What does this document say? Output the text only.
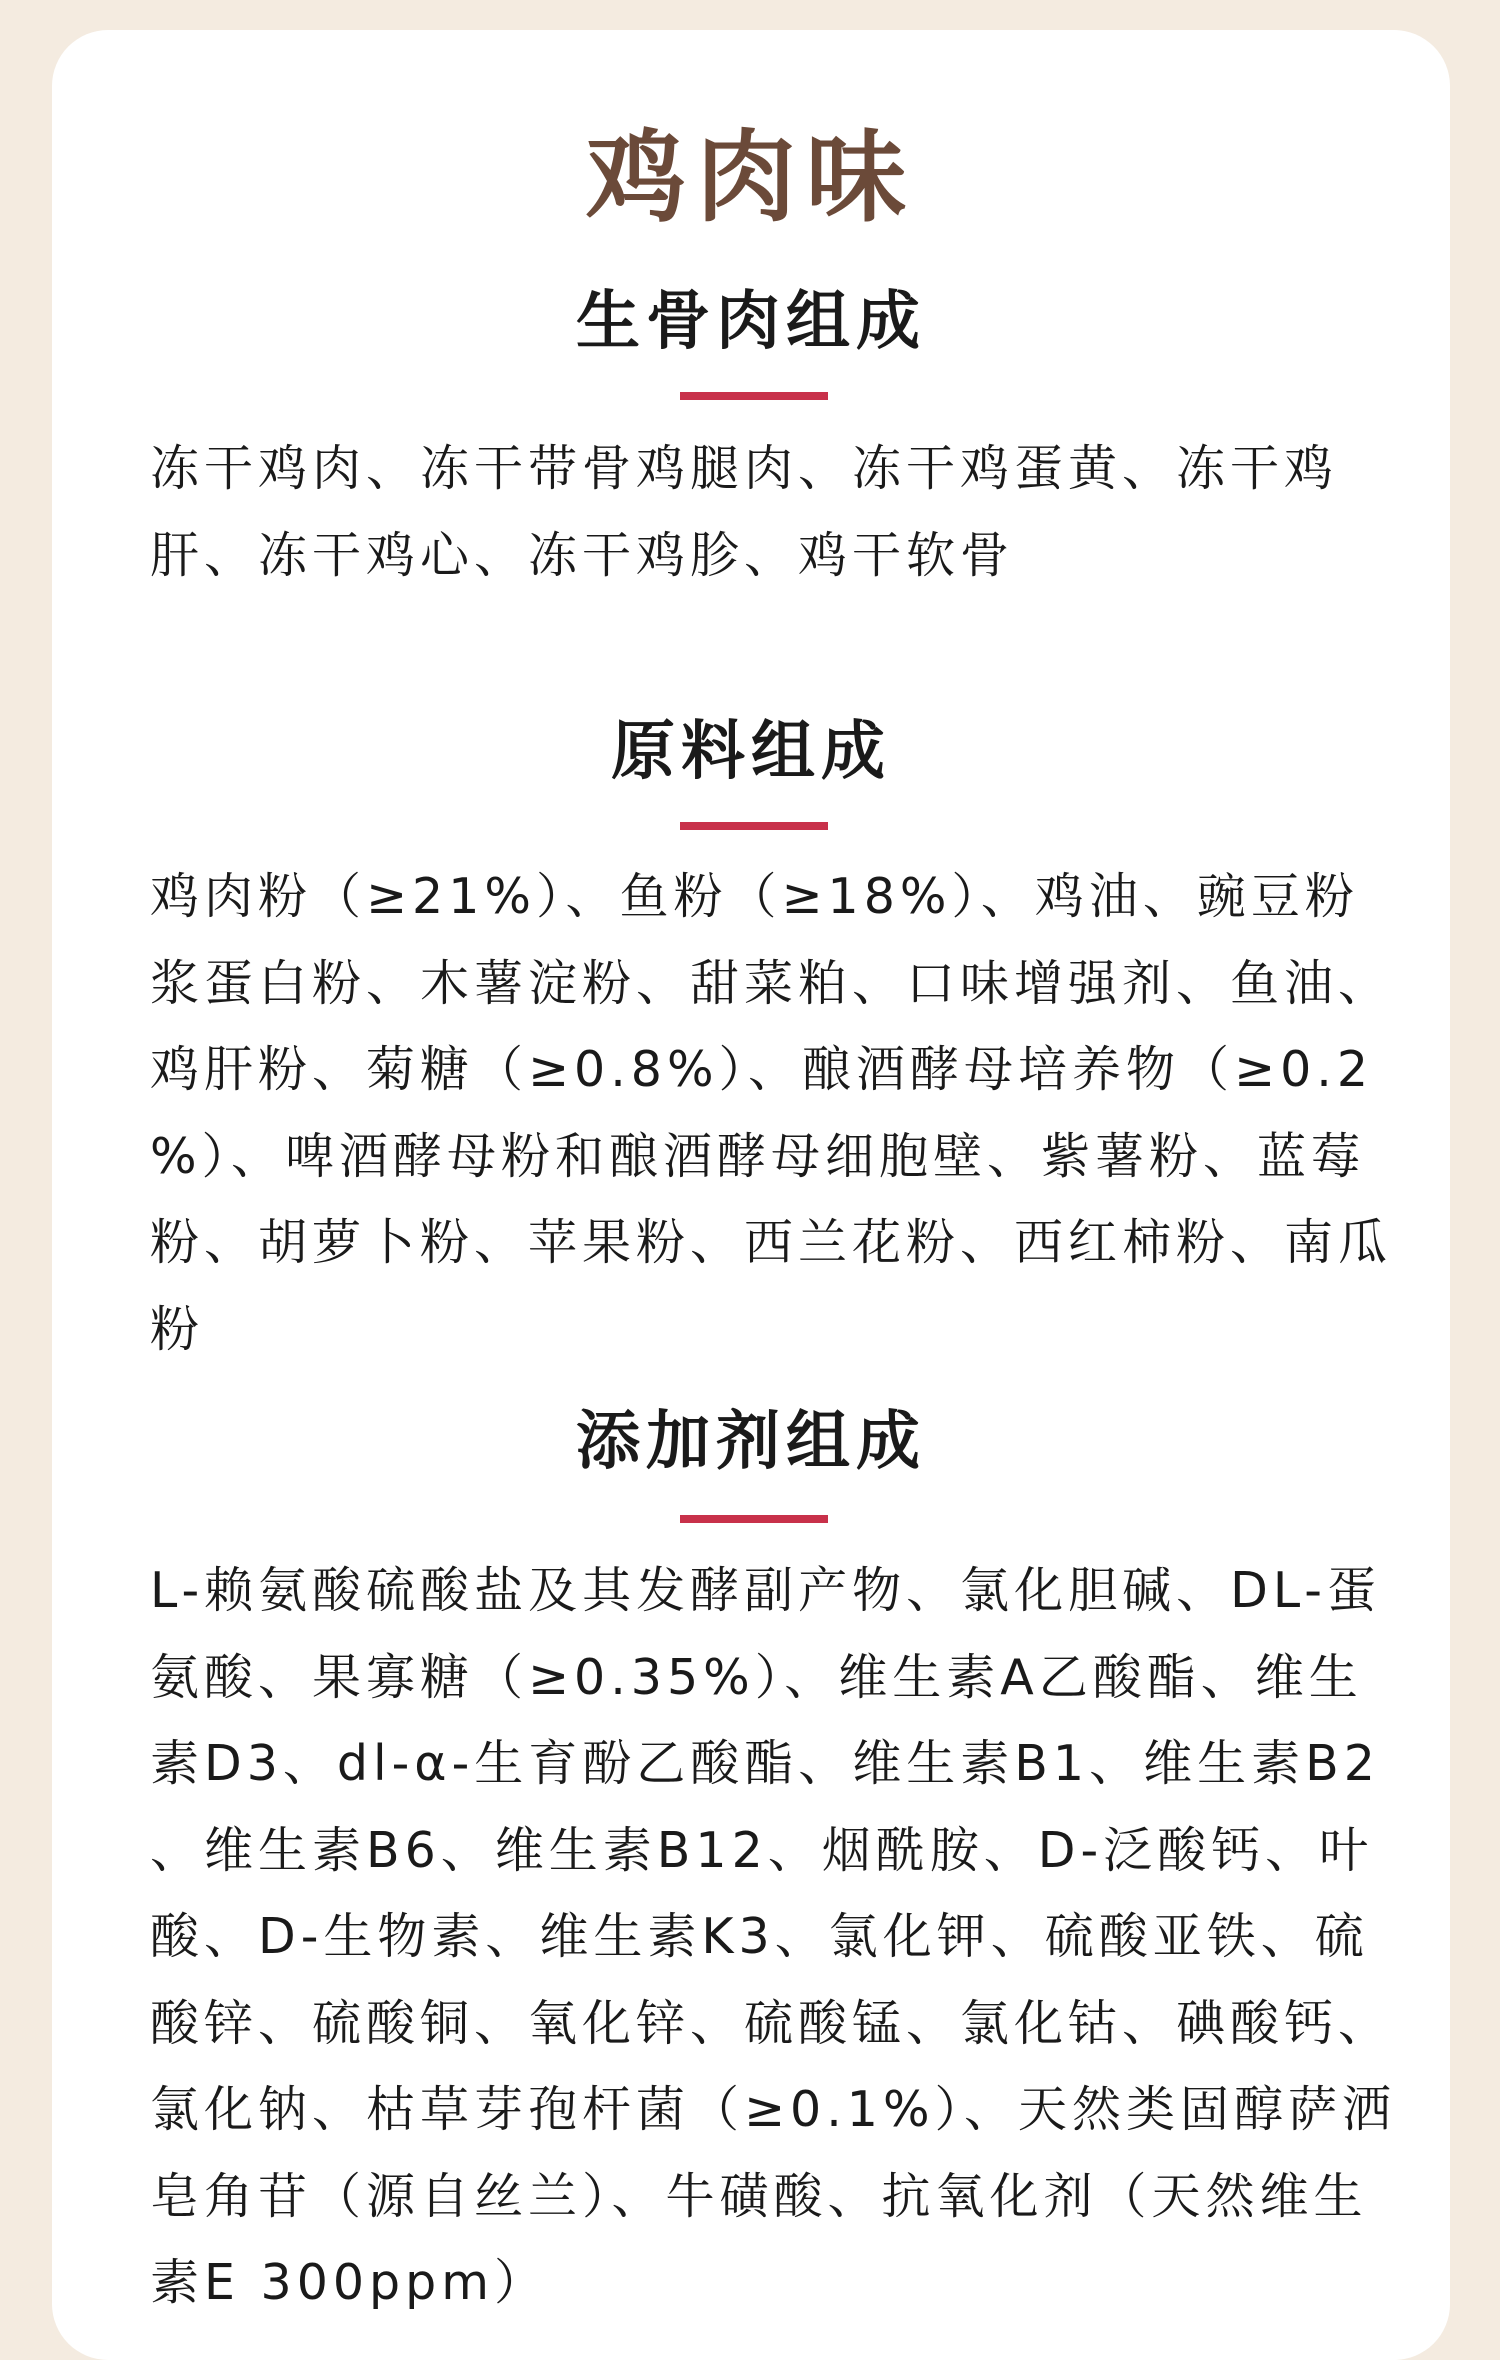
鸡肉味
生骨肉组成
冻干鸡肉、冻干带骨鸡腿肉、冻干鸡蛋黄、冻干鸡
肝、冻干鸡心、冻干鸡胗、鸡干软骨
原料组成
鸡肉粉（≥21%）、鱼粉（≥18%）、鸡油、豌豆粉
浆蛋白粉、木薯淀粉、甜菜粕、口味增强剂、鱼油、
鸡肝粉、菊糖（≥0.8%）、酿酒酵母培养物（≥0.2
%）、啤酒酵母粉和酿酒酵母细胞壁、紫薯粉、蓝莓
粉、胡萝卜粉、苹果粉、西兰花粉、西红柿粉、南瓜
粉
添加剂组成
L-赖氨酸硫酸盐及其发酵副产物、氯化胆碱、DL-蛋
氨酸、果寡糖（≥0.35%）、维生素A乙酸酯、维生
素D3、dl-α-生育酚乙酸酯、维生素B1、维生素B2
、维生素B6、维生素B12、烟酰胺、D-泛酸钙、叶
酸、D-生物素、维生素K3、氯化钾、硫酸亚铁、硫
酸锌、硫酸铜、氧化锌、硫酸锰、氯化钴、碘酸钙、
氯化钠、枯草芽孢杆菌（≥0.1%）、天然类固醇萨洒
皂角苷（源自丝兰）、牛磺酸、抗氧化剂（天然维生
素E 300ppm）
